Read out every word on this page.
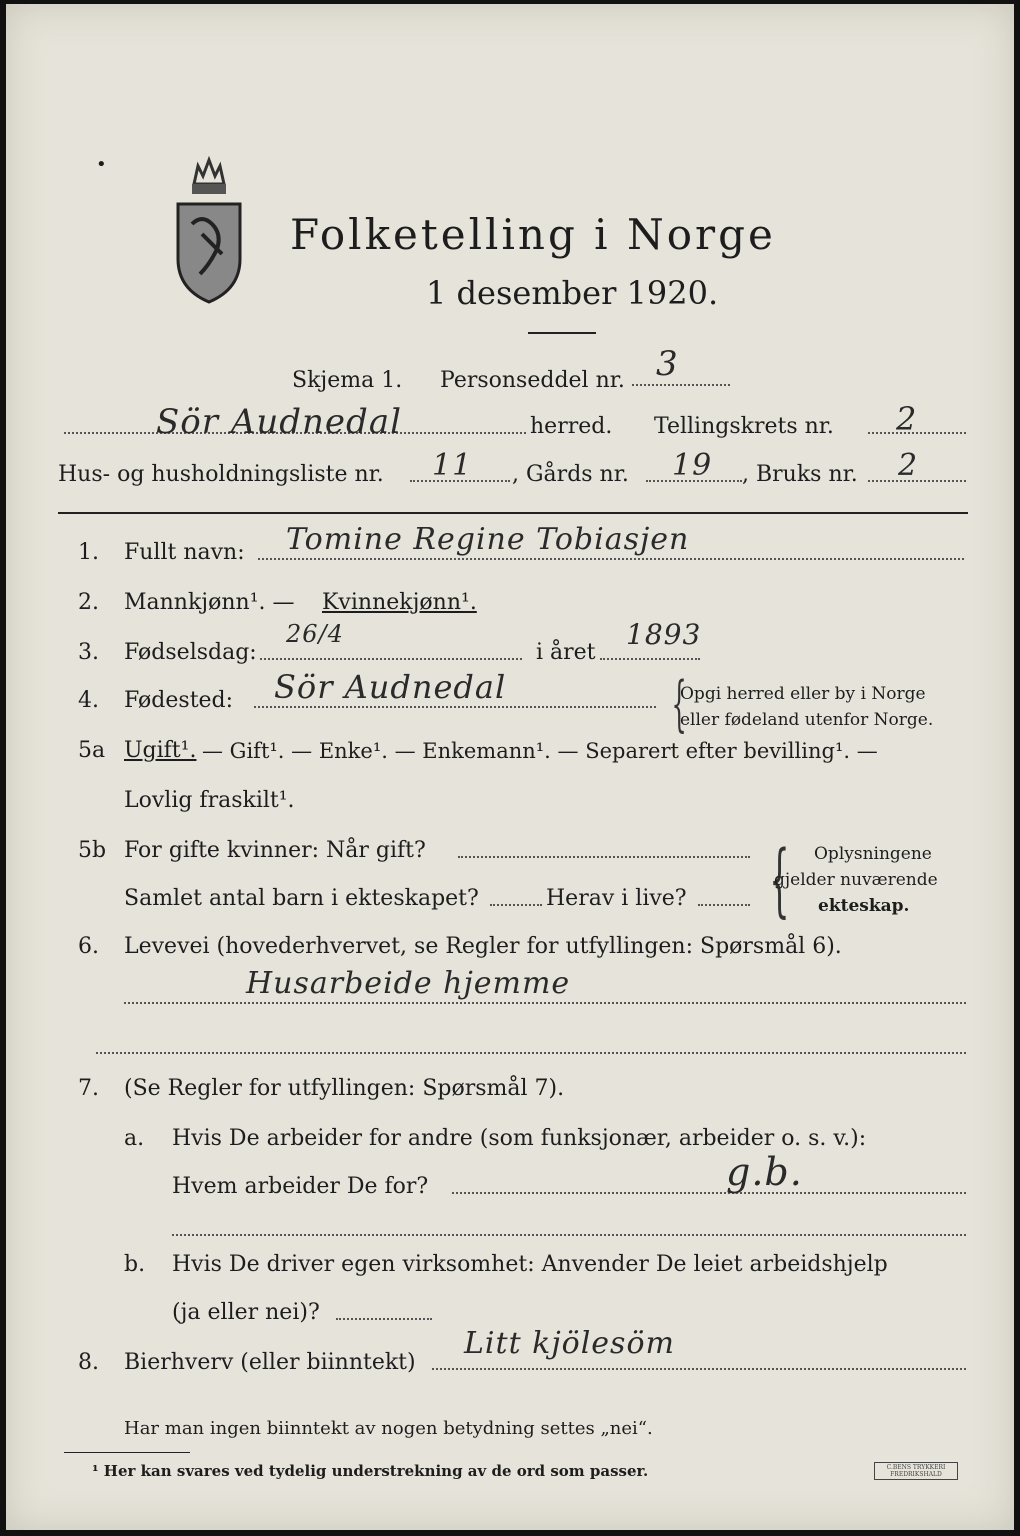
•
Folketelling i Norge
1 desember 1920.
Skjema 1. Personseddel nr. 3
Sör Audnedal	herred. Tellingskrets nr. 2
Hus- og husholdningsliste nr. 11 , Gårds nr. 19 , Bruks nr. 2
1. Fullt navn: Tomine Regine Tobiasjen
2. Mannkjønn¹. — Kvinnekjønn¹.
3. Fødselsdag:
26/4
i året
1893
4. Fødested: Sör Audnedal	{
Opgi herred eller by i Norge
eller fødeland utenfor Norge.
5a Ugift¹. — Gift¹. — Enke¹. — Enkemann¹. — Separert efter bevilling¹. —
Lovlig fraskilt¹.
5b For gifte kvinner: Når gift?
Samlet antal barn i ekteskapet?	Herav i live? { Oplysningene
gjelder nuværende
ekteskap.
6. Levevei (hovederhvervet, se Regler for utfyllingen: Spørsmål 6).
Husarbeide hjemme
7. (Se Regler for utfyllingen: Spørsmål 7).
a. Hvis De arbeider for andre (som funksjonær, arbeider o. s. v.):
Hvem arbeider De for?	g.b.
b. Hvis De driver egen virksomhet: Anvender De leiet arbeidshjelp
(ja eller nei)?
8. Bierhverv (eller biinntekt)
Litt kjölesöm
Har man ingen biinntekt av nogen betydning settes „nei“.
¹ Her kan svares ved tydelig understrekning av de ord som passer.	C.BENS TRYKKERI FREDRIKSHALD
